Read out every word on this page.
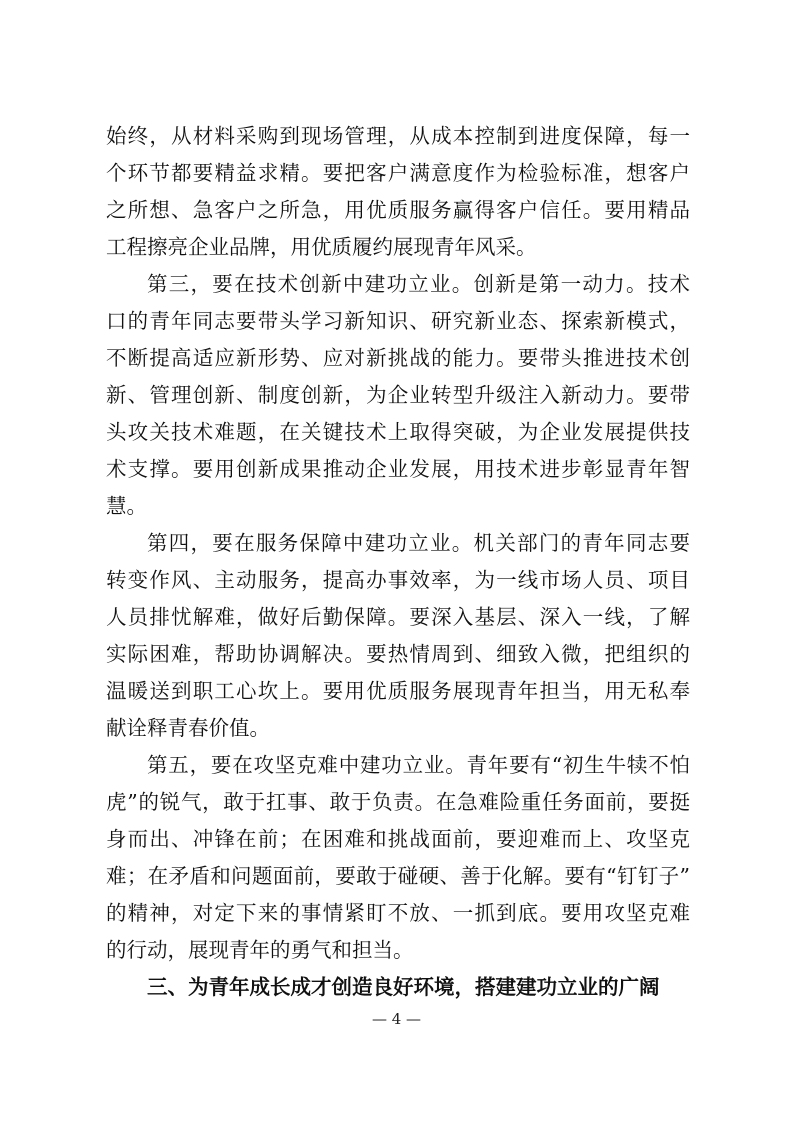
始终，从材料采购到现场管理，从成本控制到进度保障，每一
个环节都要精益求精。要把客户满意度作为检验标准，想客户
之所想、急客户之所急，用优质服务赢得客户信任。要用精品
工程擦亮企业品牌，用优质履约展现青年风采。
第三，要在技术创新中建功立业。创新是第一动力。技术
口的青年同志要带头学习新知识、研究新业态、探索新模式，
不断提高适应新形势、应对新挑战的能力。要带头推进技术创
新、管理创新、制度创新，为企业转型升级注入新动力。要带
头攻关技术难题，在关键技术上取得突破，为企业发展提供技
术支撑。要用创新成果推动企业发展，用技术进步彰显青年智
慧。
第四，要在服务保障中建功立业。机关部门的青年同志要
转变作风、主动服务，提高办事效率，为一线市场人员、项目
人员排忧解难，做好后勤保障。要深入基层、深入一线，了解
实际困难，帮助协调解决。要热情周到、细致入微，把组织的
温暖送到职工心坎上。要用优质服务展现青年担当，用无私奉
献诠释青春价值。
第五，要在攻坚克难中建功立业。青年要有“初生牛犊不怕
虎”的锐气，敢于扛事、敢于负责。在急难险重任务面前，要挺
身而出、冲锋在前；在困难和挑战面前，要迎难而上、攻坚克
难；在矛盾和问题面前，要敢于碰硬、善于化解。要有“钉钉子”
的精神，对定下来的事情紧盯不放、一抓到底。要用攻坚克难
的行动，展现青年的勇气和担当。
三、为青年成长成才创造良好环境，搭建建功立业的广阔
— 4 —
